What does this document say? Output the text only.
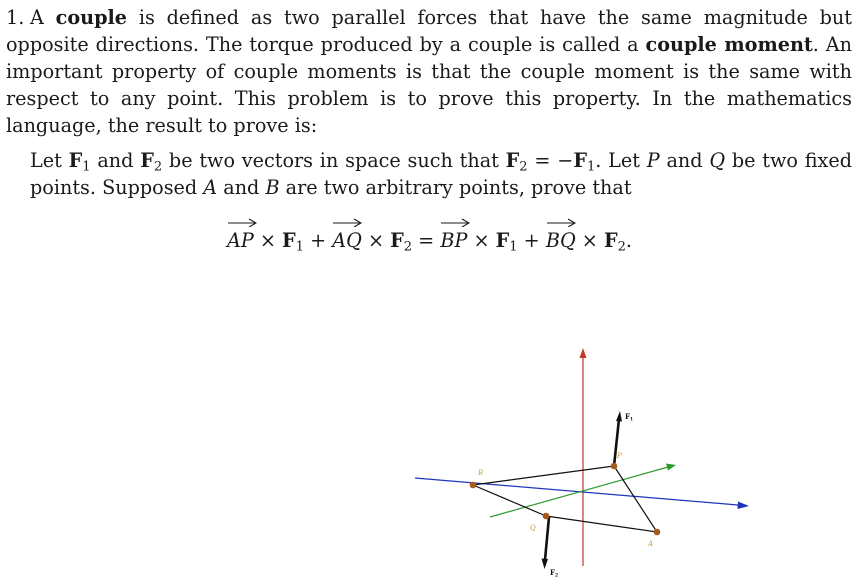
1. A couple is defined as two parallel forces that have the same magnitude but opposite directions. The torque produced by a couple is called a couple moment. An important property of couple moments is that the couple moment is the same with respect to any point. This problem is to prove this property. In the mathematics language, the result to prove is:

Let $F_1$ and $F_2$ be two vectors in space such that $F_2 = -F_1$. Let P and Q be two fixed points. Supposed A and B are two arbitrary points, prove that

AP
× $F_1$ + AQ
× $F_2$ = BP
× $F_1$ + BQ
× $F_2$.
B
P
Q
A
$F_1$
$F_2$
